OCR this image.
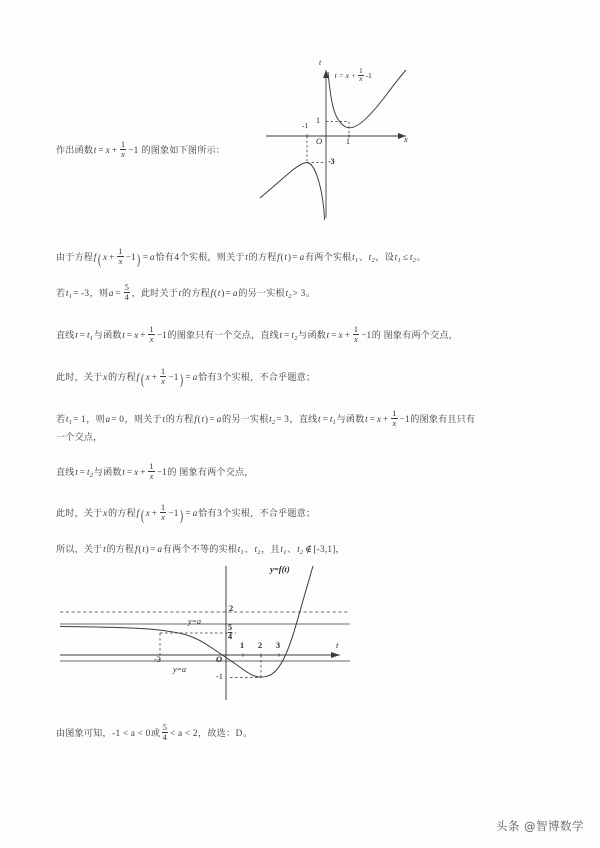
t
x
O	1
-1
1
-3
$t = x + \frac{1}{x} -1$
作出函数$t = x + \frac{1}{x} -1$ 的图象如下图所示：
由于方程f ( $x + \frac{1}{x} -1) = a$恰有4个实根，则关于t的方程f(t)= a有两个实根$t_1$、$t_2$，设$t_1 \le t_2$。
若$t_1= -3$，则$a = \frac{5}{4}$ ，此时关于t的方程f(t)= a的另一实根$t_2> 3$。
直线$t = t_1$与函数$t = x + \frac{1}{x} -1$的图象只有一个交点，直线$t = t_2$与函数$t = x + \frac{1}{x} -1$的 图象有两个交点，
此时，关于x的方程f ( $x + \frac{1}{x} -1) = a$恰有3个实根，不合乎题意；
若$t_1= 1$，则a= 0，则关于t的方程f(t)= a的另一实根$t_2= 3$，直线$t = t_1$与函数$t = x + \frac{1}{x} -1$的图象有且只有
一个交点，
直线$t = t_2$与函数$t = x + \frac{1}{x} -1$的 图象有两个交点，
此时，关于x的方程f ( $x + \frac{1}{x} -1) = a$恰有3个实根，不合乎题意；
所以，关于t的方程f(t)= a有两个不等的实根$t_1$、$t_2$，且$t_1$、$t_2$ ∉[-3,1]，
y=f(t)
t
O
2
$\frac{5}{4}$
-1
-3
1 2 3
y=a
y=a
由图象可知，-1 < a < 0或 $\frac{5}{4} < a < 2$，故选：D。
头条 @智博数学
